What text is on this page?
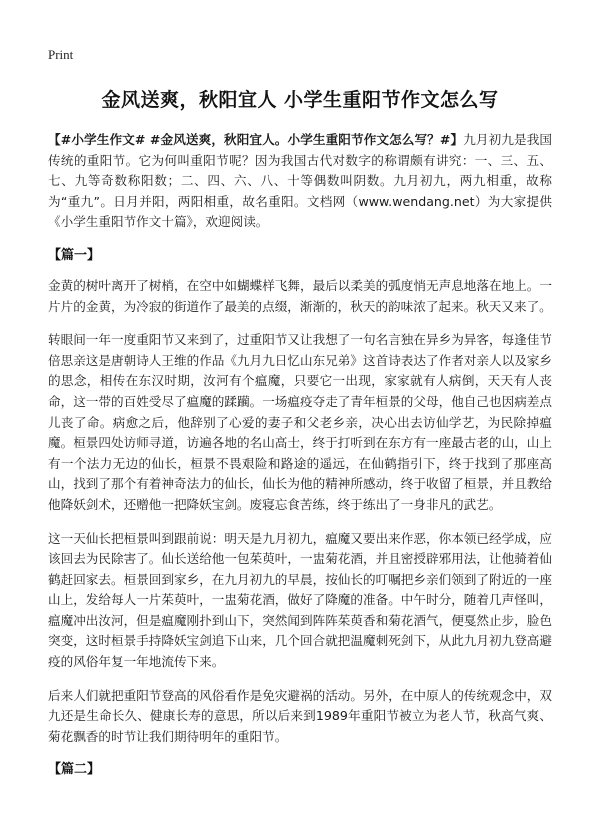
Print
金风送爽，秋阳宜人 小学生重阳节作文怎么写

【#小学生作文# #金风送爽，秋阳宜人。小学生重阳节作文怎么写？#】九月初九是我国传统的重阳节。它为何叫重阳节呢？因为我国古代对数字的称谓颇有讲究：一、三、五、七、九等奇数称阳数；二、四、六、八、十等偶数叫阴数。九月初九，两九相重，故称为“重九”。日月并阳，两阳相重，故名重阳。文档网（www.wendang.net）为大家提供《小学生重阳节作文十篇》，欢迎阅读。

【篇一】

金黄的树叶离开了树梢，在空中如蝴蝶样飞舞，最后以柔美的弧度悄无声息地落在地上。一片片的金黄，为冷寂的街道作了最美的点缀，渐渐的，秋天的韵味浓了起来。秋天又来了。

转眼间一年一度重阳节又来到了，过重阳节又让我想了一句名言独在异乡为异客，每逢佳节倍思亲这是唐朝诗人王维的作品《九月九日忆山东兄弟》这首诗表达了作者对亲人以及家乡的思念，相传在东汉时期，汝河有个瘟魔，只要它一出现，家家就有人病倒，天天有人丧命，这一带的百姓受尽了瘟魔的蹂躏。一场瘟疫夺走了青年桓景的父母，他自己也因病差点儿丧了命。病愈之后，他辞别了心爱的妻子和父老乡亲，决心出去访仙学艺，为民除掉瘟魔。桓景四处访师寻道，访遍各地的名山高士，终于打听到在东方有一座最古老的山，山上有一个法力无边的仙长，桓景不畏艰险和路途的遥远，在仙鹤指引下，终于找到了那座高山，找到了那个有着神奇法力的仙长，仙长为他的精神所感动，终于收留了桓景，并且教给他降妖剑术，还赠他一把降妖宝剑。废寝忘食苦练，终于练出了一身非凡的武艺。

这一天仙长把桓景叫到跟前说：明天是九月初九，瘟魔又要出来作恶，你本领已经学成，应该回去为民除害了。仙长送给他一包茱萸叶，一盅菊花酒，并且密授辟邪用法，让他骑着仙鹤赶回家去。桓景回到家乡，在九月初九的早晨，按仙长的叮嘱把乡亲们领到了附近的一座山上，发给每人一片茱萸叶，一盅菊花酒，做好了降魔的准备。中午时分，随着几声怪叫，瘟魔冲出汝河，但是瘟魔刚扑到山下，突然闻到阵阵茱萸香和菊花酒气，便戛然止步，脸色突变，这时桓景手持降妖宝剑追下山来，几个回合就把温魔刺死剑下，从此九月初九登高避疫的风俗年复一年地流传下来。

后来人们就把重阳节登高的风俗看作是免灾避祸的活动。另外，在中原人的传统观念中，双九还是生命长久、健康长寿的意思，所以后来到1989年重阳节被立为老人节，秋高气爽、菊花飘香的时节让我们期待明年的重阳节。

【篇二】
